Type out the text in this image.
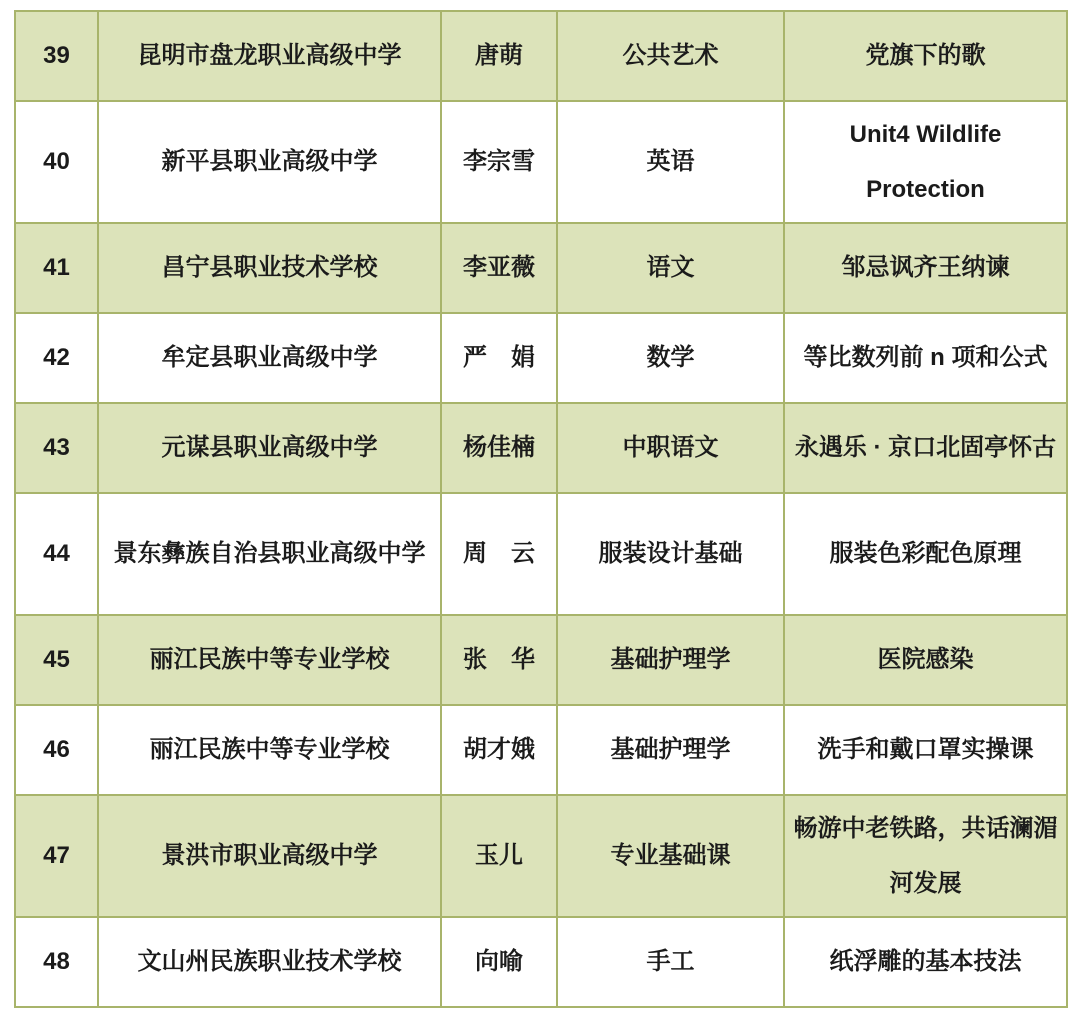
39	昆明市盘龙职业高级中学	唐萌	公共艺术	党旗下的歌
40	新平县职业高级中学	李宗雪	英语	Unit4 Wildlife Protection
41	昌宁县职业技术学校	李亚薇	语文	邹忌讽齐王纳谏
42	牟定县职业高级中学	严　娟	数学	等比数列前 n 项和公式
43	元谋县职业高级中学	杨佳楠	中职语文	永遇乐 · 京口北固亭怀古
44	景东彝族自治县职业高级中学	周　云	服装设计基础	服装色彩配色原理
45	丽江民族中等专业学校	张　华	基础护理学	医院感染
46	丽江民族中等专业学校	胡才娥	基础护理学	洗手和戴口罩实操课
47	景洪市职业高级中学	玉儿	专业基础课	畅游中老铁路，共话澜湄河发展
48	文山州民族职业技术学校	向喻	手工	纸浮雕的基本技法
